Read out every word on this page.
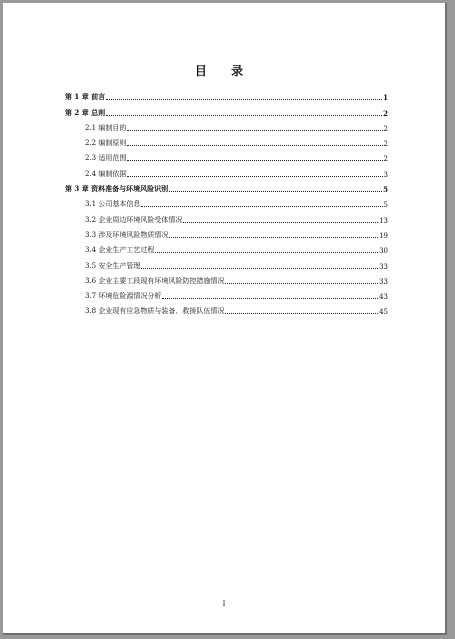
目 录
第 1 章 前言	1
第 2 章 总则	2
2.1 编制目的	2
2.2 编制原则	2
2.3 适用范围	2
2.4 编制依据	3
第 3 章 资料准备与环境风险识别	5
3.1 公司基本信息	5
3.2 企业周边环境风险受体情况	13
3.3 涉及环境风险物质情况	19
3.4 企业生产工艺过程	30
3.5 安全生产管理	33
3.6 企业主要工段现有环境风险防控措施情况	33
3.7 环境危险源情况分析	43
3.8 企业现有应急物质与装备、救援队伍情况	45
I
